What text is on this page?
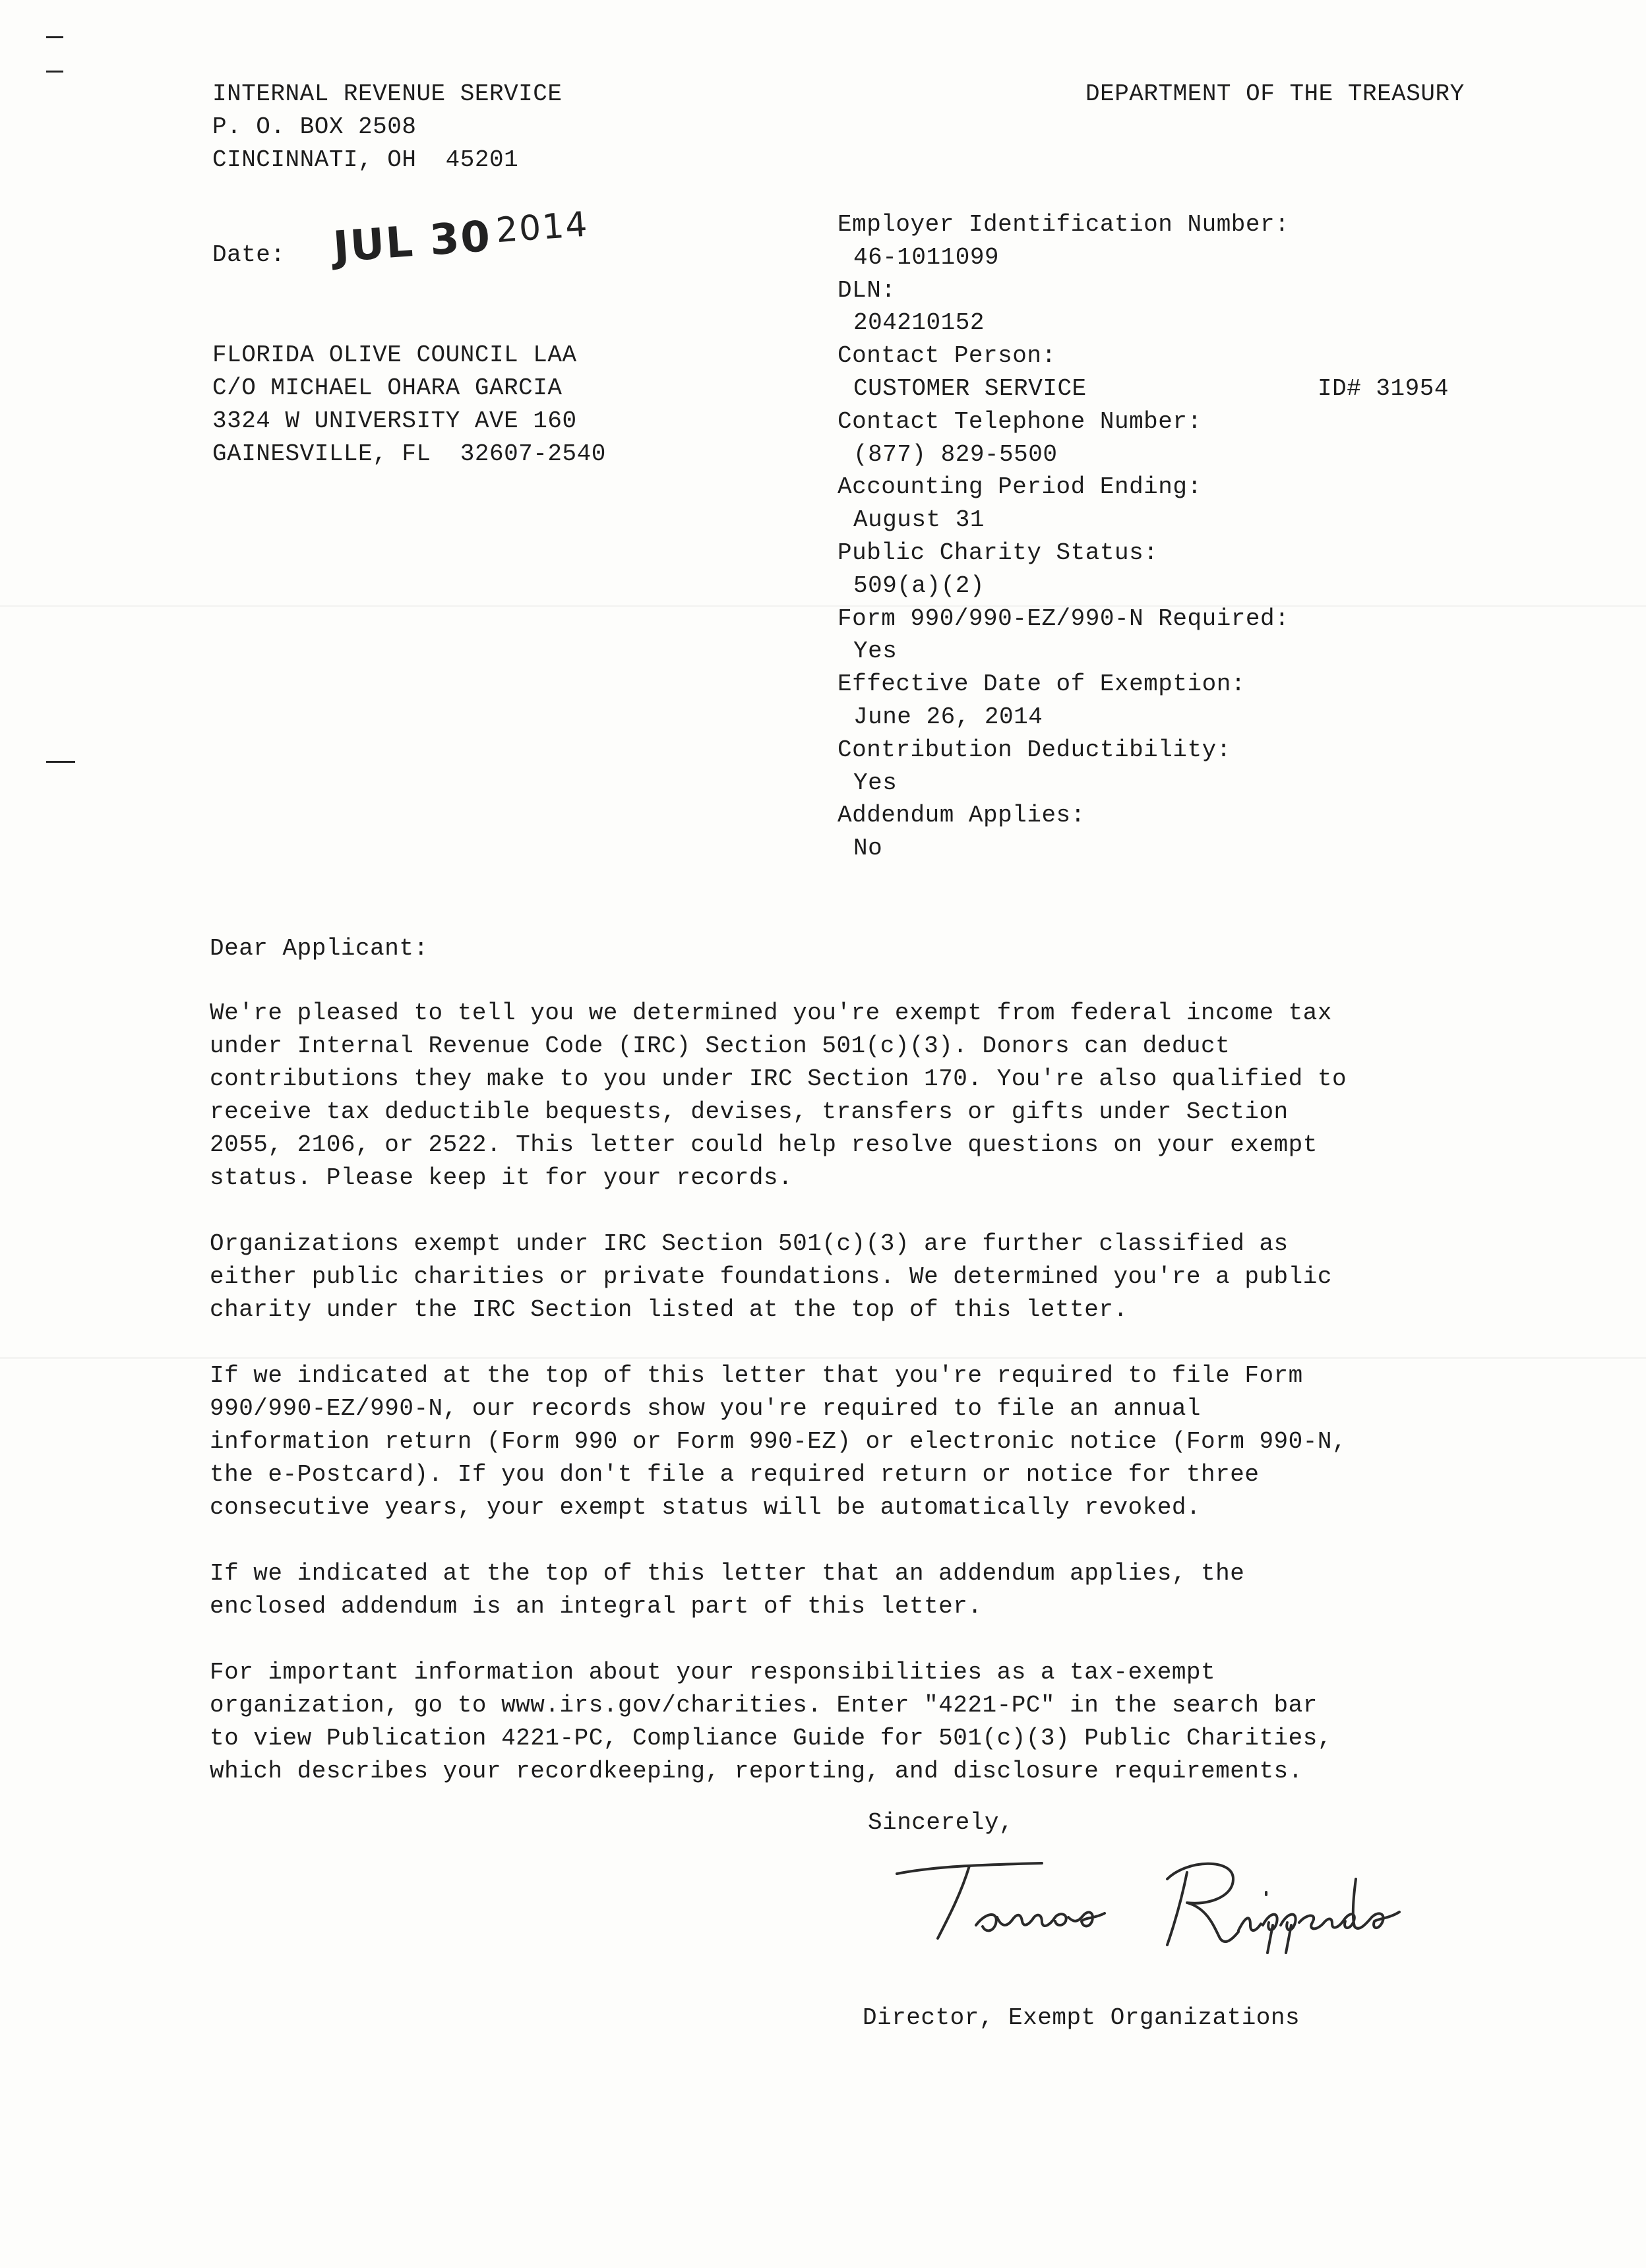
INTERNAL REVENUE SERVICE
P. O. BOX 2508
CINCINNATI, OH  45201
DEPARTMENT OF THE TREASURY
Date: JUL 302014
FLORIDA OLIVE COUNCIL LAA
C/O MICHAEL OHARA GARCIA
3324 W UNIVERSITY AVE 160
GAINESVILLE, FL  32607-2540
Employer Identification Number:
46-1011099
DLN:
204210152
Contact Person:
CUSTOMER SERVICE	ID# 31954
Contact Telephone Number:
(877) 829-5500
Accounting Period Ending:
August 31
Public Charity Status:
509(a)(2)
Form 990/990-EZ/990-N Required:
Yes
Effective Date of Exemption:
June 26, 2014
Contribution Deductibility:
Yes
Addendum Applies:
No
Dear Applicant:
We're pleased to tell you we determined you're exempt from federal income tax
under Internal Revenue Code (IRC) Section 501(c)(3). Donors can deduct
contributions they make to you under IRC Section 170. You're also qualified to
receive tax deductible bequests, devises, transfers or gifts under Section
2055, 2106, or 2522. This letter could help resolve questions on your exempt
status. Please keep it for your records.
Organizations exempt under IRC Section 501(c)(3) are further classified as
either public charities or private foundations. We determined you're a public
charity under the IRC Section listed at the top of this letter.
If we indicated at the top of this letter that you're required to file Form
990/990-EZ/990-N, our records show you're required to file an annual
information return (Form 990 or Form 990-EZ) or electronic notice (Form 990-N,
the e-Postcard). If you don't file a required return or notice for three
consecutive years, your exempt status will be automatically revoked.
If we indicated at the top of this letter that an addendum applies, the
enclosed addendum is an integral part of this letter.
For important information about your responsibilities as a tax-exempt
organization, go to www.irs.gov/charities. Enter "4221-PC" in the search bar
to view Publication 4221-PC, Compliance Guide for 501(c)(3) Public Charities,
which describes your recordkeeping, reporting, and disclosure requirements.
Sincerely,
Director, Exempt Organizations
